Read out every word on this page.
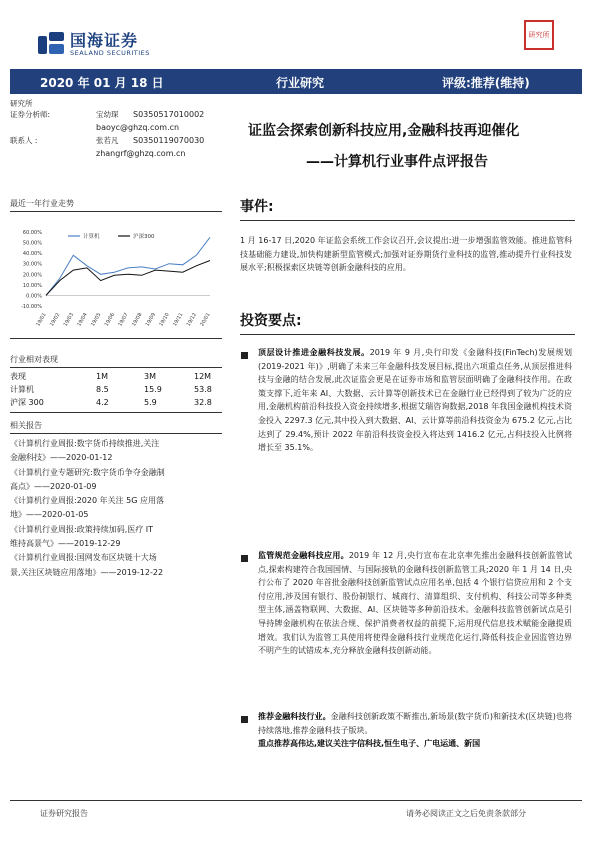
国海证券
SEALAND SECURITIES
研究所
2020 年 01 月 18 日	行业研究	评级:推荐(维持)
研究所
证券分析师:	宝幼琛 S0350517010002
baoyc@ghzq.com.cn
联系人 :	张若凡 S0350119070030
zhangrf@ghzq.com.cn
证监会探索创新科技应用,金融科技再迎催化
——计算机行业事件点评报告
最近一年行业走势
60.00%
50.00%
40.00%
30.00%
20.00%
10.00%
0.00%
-10.00%
19/01 19/02 19/03 19/04 19/05 19/06 19/07 19/08 19/09 19/10 19/11 19/12 20/01
计算机	沪深300
行业相对表现
表现	1M	3M	12M
计算机	8.5	15.9	53.8
沪深 300	4.2	5.9	32.8
相关报告
《计算机行业周报:数字货币持续推进,关注
金融科技》——2020-01-12
《计算机行业专题研究:数字货币争夺金融制
高点》——2020-01-09
《计算机行业周报:2020 年关注 5G 应用落
地》——2020-01-05
《计算机行业周报:政策持续加码,医疗 IT
维持高景气》——2019-12-29
《计算机行业周报:国网发布区块链十大场
景,关注区块链应用落地》——2019-12-22
事件:
1 月 16-17 日,2020 年证监会系统工作会议召开,会议提出:进一步增强监管效能。推进监管科技基础能力建设,加快构建新型监管模式;加强对证券期货行业科技的监管,推动提升行业科技发展水平;积极探索区块链等创新金融科技的应用。
投资要点:
顶层设计推进金融科技发展。2019 年 9 月,央行印发《金融科技(FinTech)发展规划(2019-2021 年)》,明确了未来三年金融科技发展目标,提出六项重点任务,从顶层推进科技与金融的结合发展,此次证监会更是在证券市场和监管层面明确了金融科技作用。在政策支撑下,近年来 AI、大数据、云计算等创新技术已在金融行业已经得到了较为广泛的应用,金融机构前沿科技投入资金持续增多,根据艾瑞咨询数据,2018 年我国金融机构技术资金投入 2297.3 亿元,其中投入到大数据、AI、云计算等前沿科技资金为 675.2 亿元,占比达到了 29.4%,预计 2022 年前沿科技资金投入将达到 1416.2 亿元,占科技投入比例将增长至 35.1%。
监管规范金融科技应用。2019 年 12 月,央行宣布在北京率先推出金融科技创新监管试点,探索构建符合我国国情、与国际接轨的金融科技创新监管工具;2020 年 1 月 14 日,央行公布了 2020 年首批金融科技创新监管试点应用名单,包括 4 个银行信贷应用和 2 个支付应用,涉及国有银行、股份制银行、城商行、清算组织、支付机构、科技公司等多种类型主体,涵盖物联网、大数据、AI、区块链等多种前沿技术。金融科技监管创新试点是引导持牌金融机构在依法合规、保护消费者权益的前提下,运用现代信息技术赋能金融提质增效。我们认为监管工具使用将使得金融科技行业规范化运行,降低科技企业因监管边界不明产生的试错成本,充分释放金融科技创新动能。
推荐金融科技行业。金融科技创新政策不断推出,新场景(数字货币)和新技术(区块链)也将持续落地,推荐金融科技子版块。
重点推荐高伟达,建议关注宇信科技,恒生电子、广电运通、新国
证券研究报告	请务必阅读正文之后免责条款部分
